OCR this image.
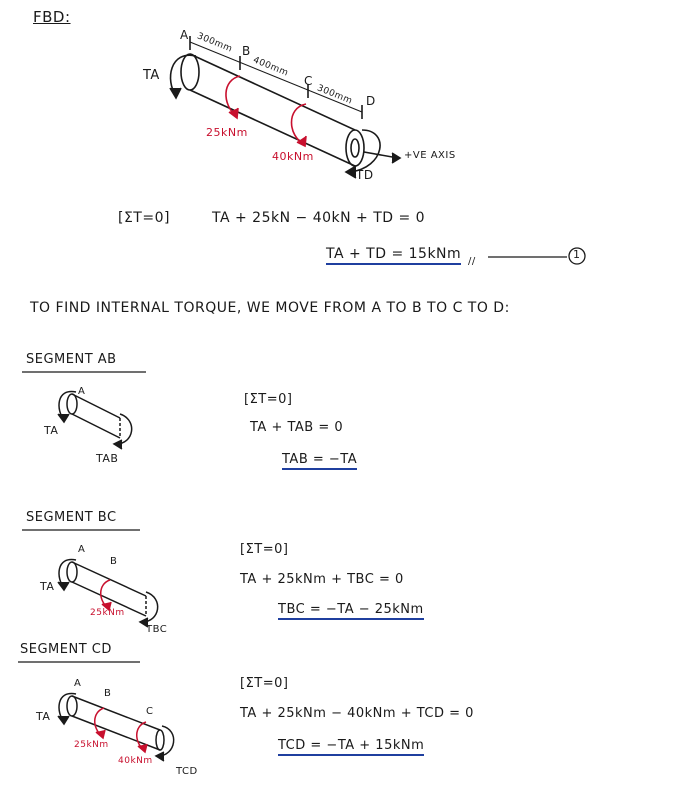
FBD:
A
B
C
D
300mm
400mm
300mm
TA
TD
25kNm
40kNm	+VE AXIS
[ΣT=0]	TA + 25kN − 40kN + TD = 0
TA + TD = 15kNm //
1
TO FIND INTERNAL TORQUE, WE MOVE FROM A TO B TO C TO D:
SEGMENT AB
A
TA
TAB
[ΣT=0]
TA + TAB = 0
TAB = −TA
SEGMENT BC
A
B
TA
25kNm
TBC
[ΣT=0]
TA + 25kNm + TBC = 0
TBC = −TA − 25kNm
SEGMENT CD
A
B
C
TA
25kNm
40kNm
TCD
[ΣT=0]
TA + 25kNm − 40kNm + TCD = 0
TCD = −TA + 15kNm
